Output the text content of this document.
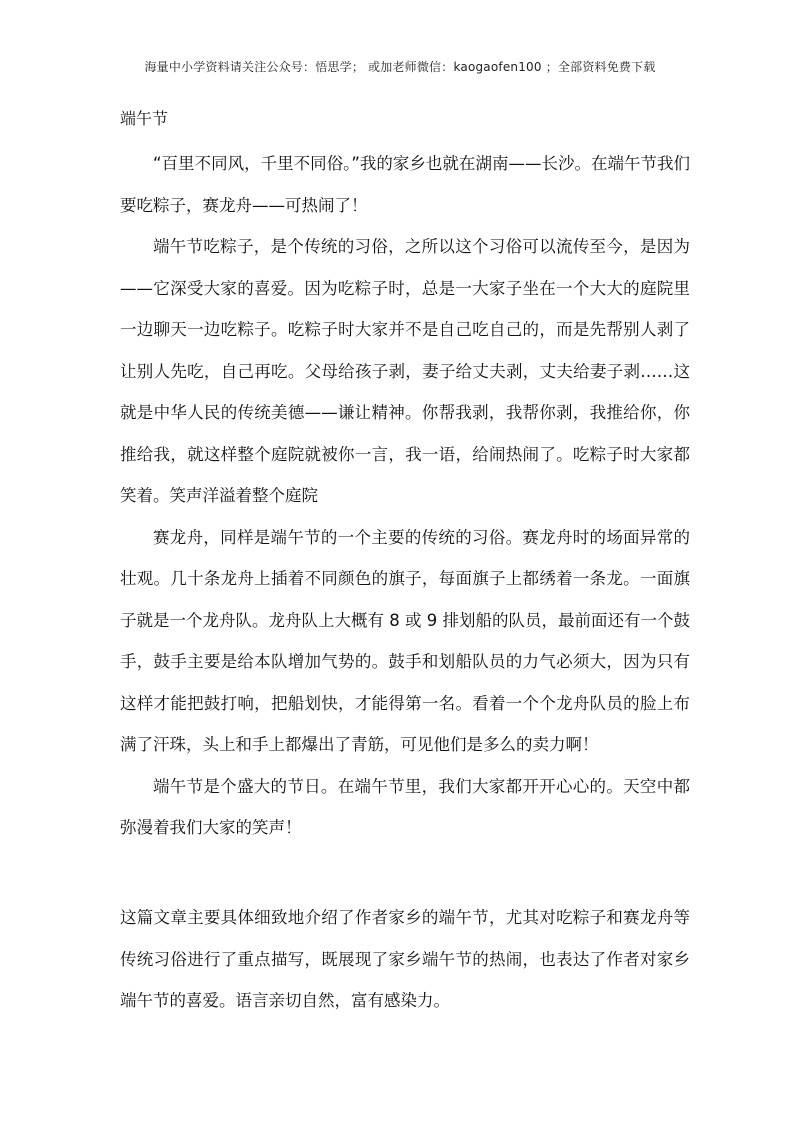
海量中小学资料请关注公众号：悟思学； 或加老师微信：kaogaofen100 ；全部资料免费下载
端午节

“百里不同风，千里不同俗。”我的家乡也就在湖南——长沙。在端午节我们要吃粽子，赛龙舟——可热闹了！

端午节吃粽子，是个传统的习俗，之所以这个习俗可以流传至今，是因为——它深受大家的喜爱。因为吃粽子时，总是一大家子坐在一个大大的庭院里一边聊天一边吃粽子。吃粽子时大家并不是自己吃自己的，而是先帮别人剥了让别人先吃，自己再吃。父母给孩子剥，妻子给丈夫剥，丈夫给妻子剥……这就是中华人民的传统美德——谦让精神。你帮我剥，我帮你剥，我推给你，你推给我，就这样整个庭院就被你一言，我一语，给闹热闹了。吃粽子时大家都笑着。笑声洋溢着整个庭院

赛龙舟，同样是端午节的一个主要的传统的习俗。赛龙舟时的场面异常的壮观。几十条龙舟上插着不同颜色的旗子，每面旗子上都绣着一条龙。一面旗子就是一个龙舟队。龙舟队上大概有 8 或 9 排划船的队员，最前面还有一个鼓手，鼓手主要是给本队增加气势的。鼓手和划船队员的力气必须大，因为只有这样才能把鼓打响，把船划快，才能得第一名。看着一个个龙舟队员的脸上布满了汗珠，头上和手上都爆出了青筋，可见他们是多么的卖力啊！

端午节是个盛大的节日。在端午节里，我们大家都开开心心的。天空中都弥漫着我们大家的笑声！

这篇文章主要具体细致地介绍了作者家乡的端午节，尤其对吃粽子和赛龙舟等传统习俗进行了重点描写，既展现了家乡端午节的热闹，也表达了作者对家乡端午节的喜爱。语言亲切自然，富有感染力。
